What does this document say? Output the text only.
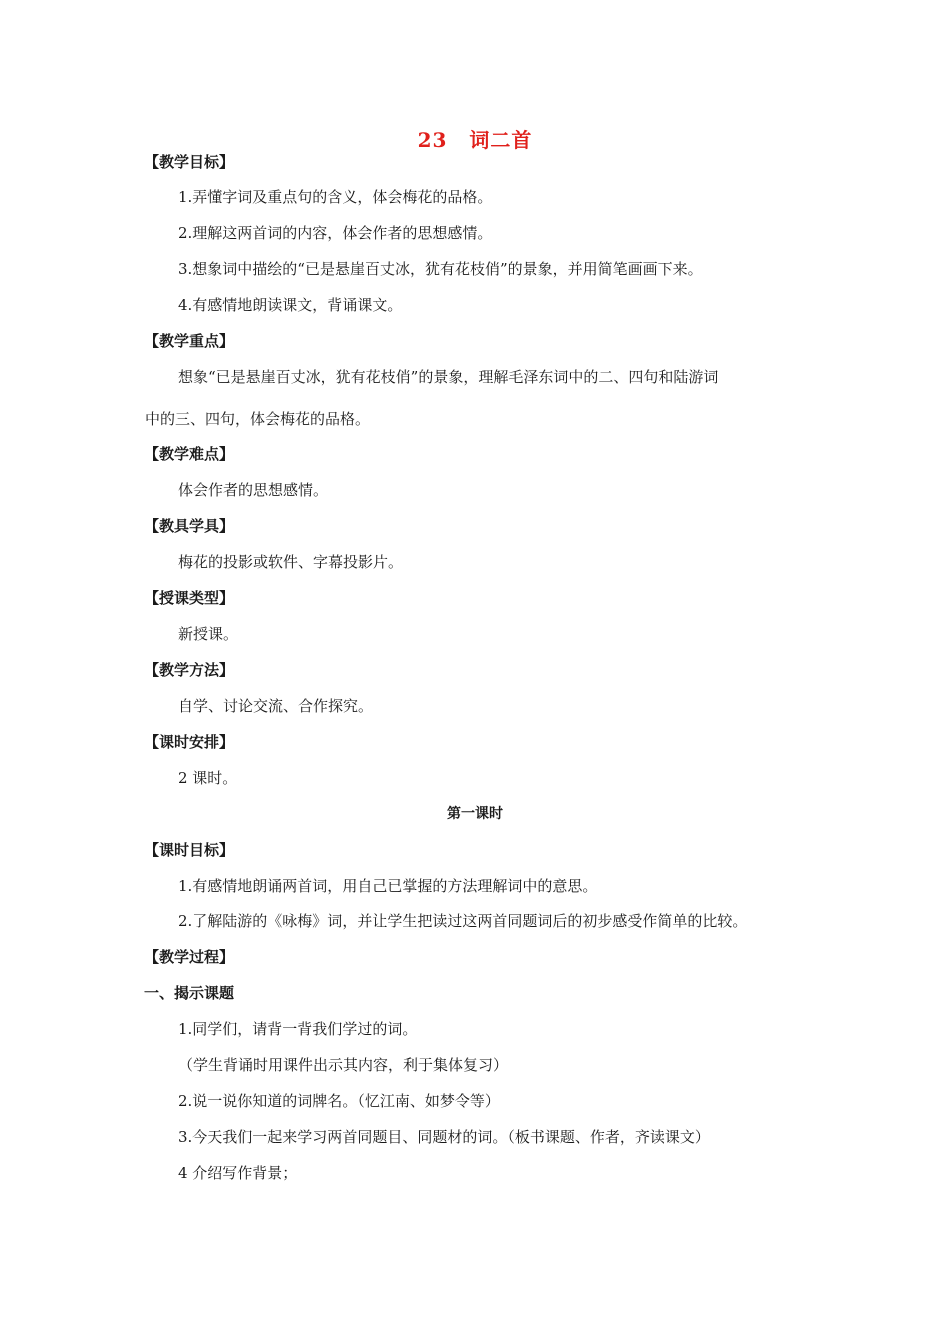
23 词二首
【教学目标】
1.弄懂字词及重点句的含义，体会梅花的品格。
2.理解这两首词的内容，体会作者的思想感情。
3.想象词中描绘的“已是悬崖百丈冰，犹有花枝俏”的景象，并用简笔画画下来。
4.有感情地朗读课文，背诵课文。
【教学重点】
想象“已是悬崖百丈冰，犹有花枝俏”的景象，理解毛泽东词中的二、四句和陆游词
中的三、四句，体会梅花的品格。
【教学难点】
体会作者的思想感情。
【教具学具】
梅花的投影或软件、字幕投影片。
【授课类型】
新授课。
【教学方法】
自学、讨论交流、合作探究。
【课时安排】
2 课时。
第一课时
【课时目标】
1.有感情地朗诵两首词，用自己已掌握的方法理解词中的意思。
2.了解陆游的《咏梅》词，并让学生把读过这两首同题词后的初步感受作简单的比较。
【教学过程】
一、揭示课题
1.同学们，请背一背我们学过的词。
（学生背诵时用课件出示其内容，利于集体复习）
2.说一说你知道的词牌名。（忆江南、如梦令等）
3.今天我们一起来学习两首同题目、同题材的词。（板书课题、作者，齐读课文）
4 介绍写作背景；
